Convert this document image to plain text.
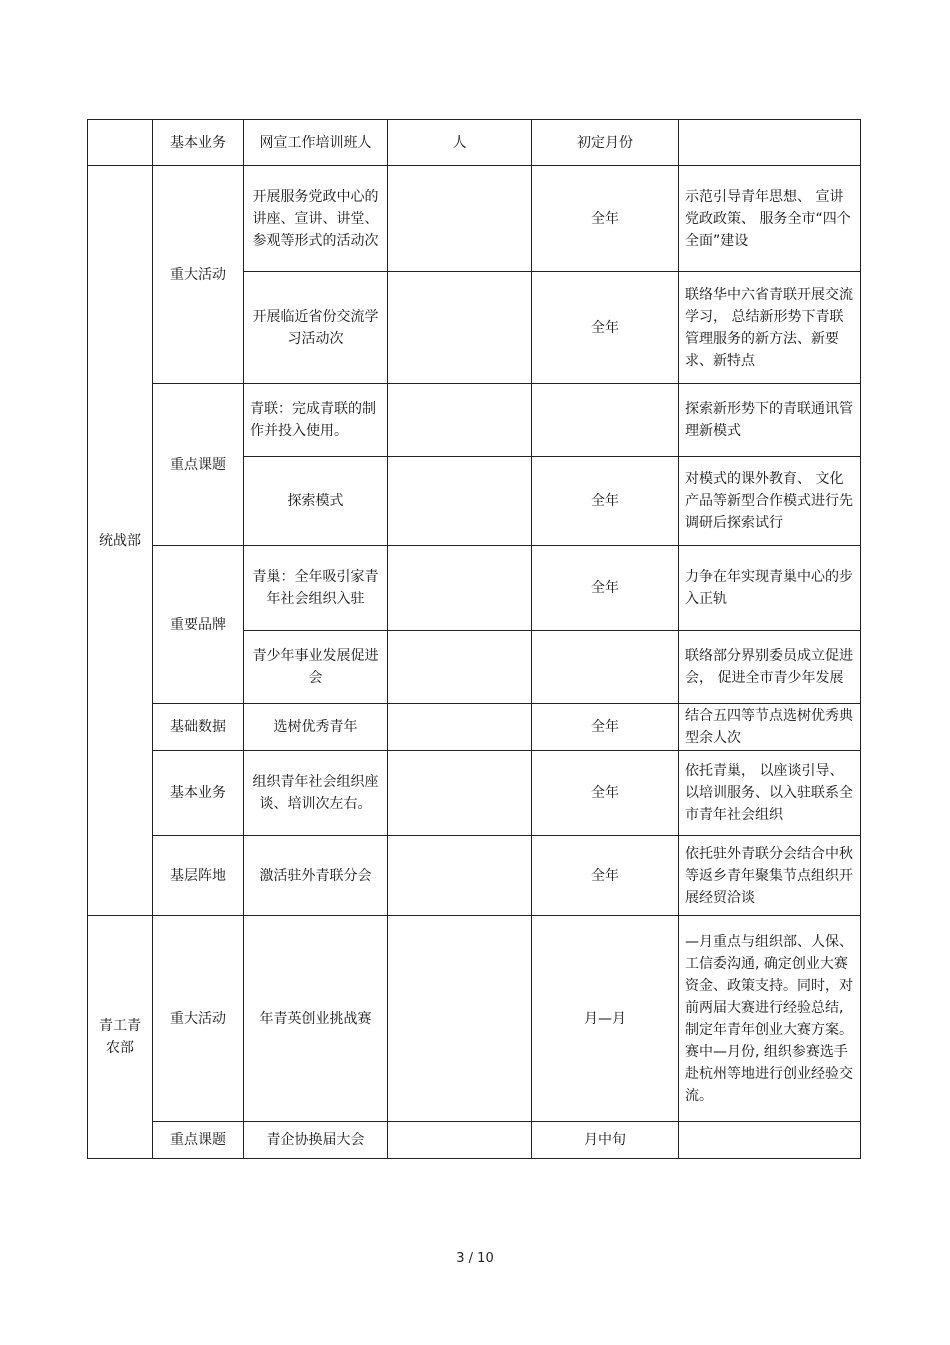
	基本业务	网宣工作培训班人	人	初定月份	
统战部	重大活动	开展服务党政中心的讲座、宣讲、讲堂、参观等形式的活动次		全年	示范引导青年思想、 宣讲党政政策、 服务全市“四个全面”建设
		开展临近省份交流学习活动次		全年	联络华中六省青联开展交流学习， 总结新形势下青联管理服务的新方法、新要求、新特点
	重点课题	青联：完成青联的制作并投入使用。			探索新形势下的青联通讯管理新模式
		探索模式		全年	对模式的课外教育、 文化产品等新型合作模式进行先调研后探索试行
	重要品牌	青巢：全年吸引家青年社会组织入驻		全年	力争在年实现青巢中心的步入正轨
		青少年事业发展促进会			联络部分界别委员成立促进会， 促进全市青少年发展
	基础数据	选树优秀青年		全年	结合五四等节点选树优秀典型余人次
	基本业务	组织青年社会组织座谈、培训次左右。		全年	依托青巢， 以座谈引导、以培训服务、以入驻联系全市青年社会组织
	基层阵地	激活驻外青联分会		全年	依托驻外青联分会结合中秋等返乡青年聚集节点组织开展经贸洽谈
青工青农部	重大活动	年青英创业挑战赛		月—月	—月重点与组织部、人保、工信委沟通, 确定创业大赛资金、政策支持。同时，对前两届大赛进行经验总结, 制定年青年创业大赛方案。赛中—月份, 组织参赛选手赴杭州等地进行创业经验交流。
	重点课题	青企协换届大会		月中旬	
3 / 10
